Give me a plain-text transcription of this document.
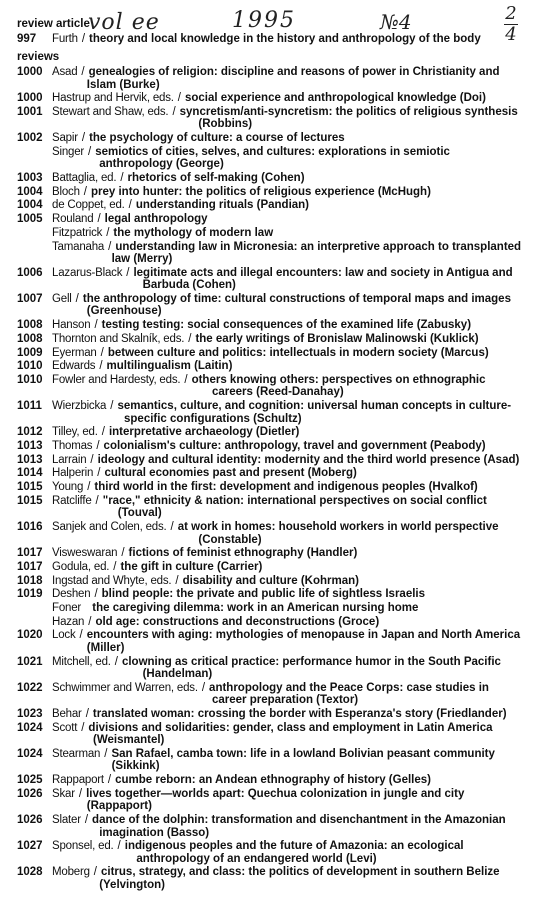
review article
vol ee	1995	№4	2
4
997 Furth / theory and local knowledge in the history and anthropology of the body
reviews
1000 Asad / genealogies of religion: discipline and reasons of power in Christianity and
Islam (Burke)
1000 Hastrup and Hervik, eds. / social experience and anthropological knowledge (Doi)
1001 Stewart and Shaw, eds. / syncretism/anti-syncretism: the politics of religious synthesis
(Robbins)
1002 Sapir / the psychology of culture: a course of lectures
Singer / semiotics of cities, selves, and cultures: explorations in semiotic
anthropology (George)
1003 Battaglia, ed. / rhetorics of self-making (Cohen)
1004 Bloch / prey into hunter: the politics of religious experience (McHugh)
1004 de Coppet, ed. / understanding rituals (Pandian)
1005 Rouland / legal anthropology
Fitzpatrick / the mythology of modern law
Tamanaha / understanding law in Micronesia: an interpretive approach to transplanted
law (Merry)
1006 Lazarus-Black / legitimate acts and illegal encounters: law and society in Antigua and
Barbuda (Cohen)
1007 Gell / the anthropology of time: cultural constructions of temporal maps and images
(Greenhouse)
1008 Hanson / testing testing: social consequences of the examined life (Zabusky)
1008 Thornton and Skalník, eds. / the early writings of Bronislaw Malinowski (Kuklick)
1009 Eyerman / between culture and politics: intellectuals in modern society (Marcus)
1010 Edwards / multilingualism (Laitin)
1010 Fowler and Hardesty, eds. / others knowing others: perspectives on ethnographic
careers (Reed-Danahay)
1011 Wierzbicka / semantics, culture, and cognition: universal human concepts in culture-
specific configurations (Schultz)
1012 Tilley, ed. / interpretative archaeology (Dietler)
1013 Thomas / colonialism's culture: anthropology, travel and government (Peabody)
1013 Larrain / ideology and cultural identity: modernity and the third world presence (Asad)
1014 Halperin / cultural economies past and present (Moberg)
1015 Young / third world in the first: development and indigenous peoples (Hvalkof)
1015 Ratcliffe / "race," ethnicity & nation: international perspectives on social conflict
(Touval)
1016 Sanjek and Colen, eds. / at work in homes: household workers in world perspective
(Constable)
1017 Visweswaran / fictions of feminist ethnography (Handler)
1017 Godula, ed. / the gift in culture (Carrier)
1018 Ingstad and Whyte, eds. / disability and culture (Kohrman)
1019 Deshen / blind people: the private and public life of sightless Israelis
Foner the caregiving dilemma: work in an American nursing home
Hazan / old age: constructions and deconstructions (Groce)
1020 Lock / encounters with aging: mythologies of menopause in Japan and North America
(Miller)
1021 Mitchell, ed. / clowning as critical practice: performance humor in the South Pacific
(Handelman)
1022 Schwimmer and Warren, eds. / anthropology and the Peace Corps: case studies in
career preparation (Textor)
1023 Behar / translated woman: crossing the border with Esperanza's story (Friedlander)
1024 Scott / divisions and solidarities: gender, class and employment in Latin America
(Weismantel)
1024 Stearman / San Rafael, camba town: life in a lowland Bolivian peasant community
(Sikkink)
1025 Rappaport / cumbe reborn: an Andean ethnography of history (Gelles)
1026 Skar / lives together—worlds apart: Quechua colonization in jungle and city
(Rappaport)
1026 Slater / dance of the dolphin: transformation and disenchantment in the Amazonian
imagination (Basso)
1027 Sponsel, ed. / indigenous peoples and the future of Amazonia: an ecological
anthropology of an endangered world (Levi)
1028 Moberg / citrus, strategy, and class: the politics of development in southern Belize
(Yelvington)
